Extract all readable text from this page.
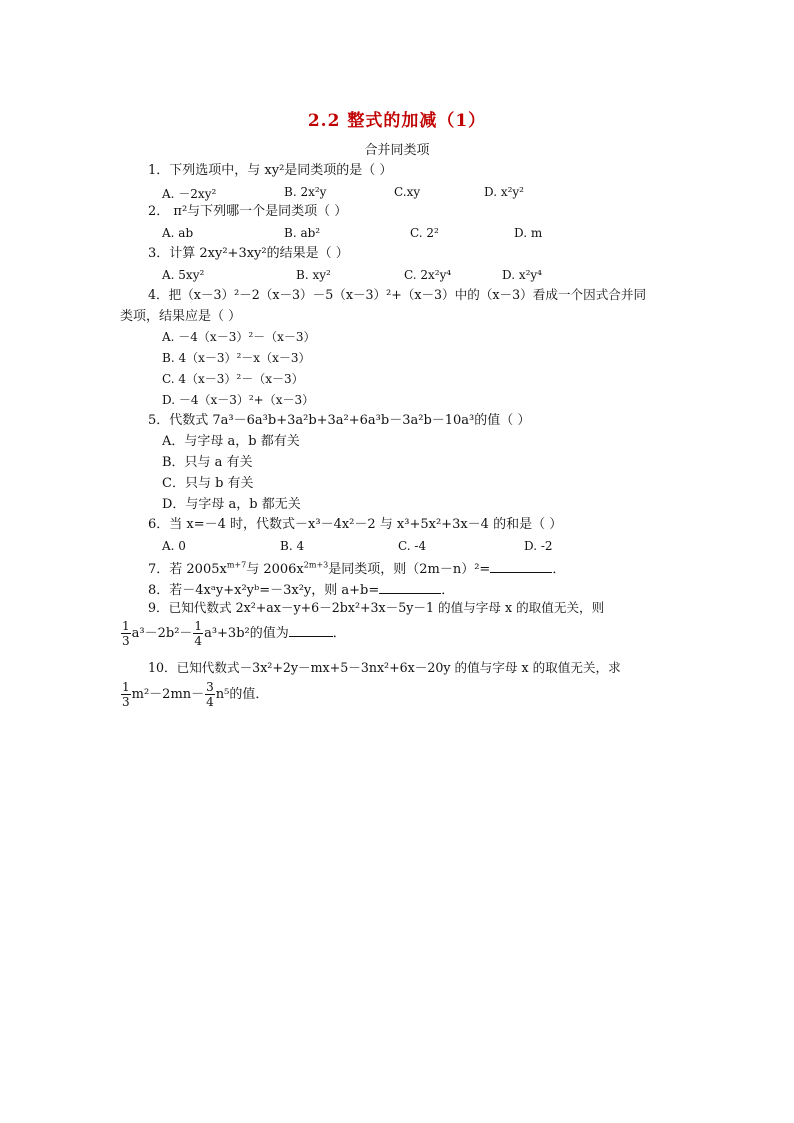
2.2 整式的加减（1）
合并同类项
1．下列选项中，与 xy²是同类项的是（ ）
A. －2xy²	B. 2x²y	C.xy	D. x²y²
2． π²与下列哪一个是同类项（ ）
A. ab	B. ab²	C. 2²	D. m
3．计算 2xy²+3xy²的结果是（ ）
A. 5xy²	B. xy²	C. 2x²y⁴	D. x²y⁴
4．把（x－3）²－2（x－3）－5（x－3）²+（x－3）中的（x－3）看成一个因式合并同
类项，结果应是（ ）
A. －4（x－3）²－（x－3）
B. 4（x－3）²－x（x－3）
C. 4（x－3）²－（x－3）
D. －4（x－3）²+（x－3）
5．代数式 7a³－6a³b+3a²b+3a²+6a³b－3a²b－10a³的值（ ）
A．与字母 a，b 都有关
B．只与 a 有关
C．只与 b 有关
D．与字母 a，b 都无关
6．当 x=－4 时，代数式－x³－4x²－2 与 x³+5x²+3x－4 的和是（ ）
A. 0	B. 4	C. -4	D. -2
7．若 $2005x^{m+7}$与 $2006x^{2m+3}$是同类项，则（2m－n）²=	．
8．若－4xᵃy+x²yᵇ=－3x²y，则 a+b=	．
9．已知代数式 2x²+ax－y+6－2bx²+3x－5y－1 的值与字母 x 的取值无关，则
$\frac{1}{3} a^3-2b^2- \frac{1}{4} a^3+3b^2$的值为	．
10．已知代数式－3x²+2y－mx+5－3nx²+6x－20y 的值与字母 x 的取值无关，求
$\frac{1}{3} m^2-2mn- \frac{3}{4} n^5$的值．
